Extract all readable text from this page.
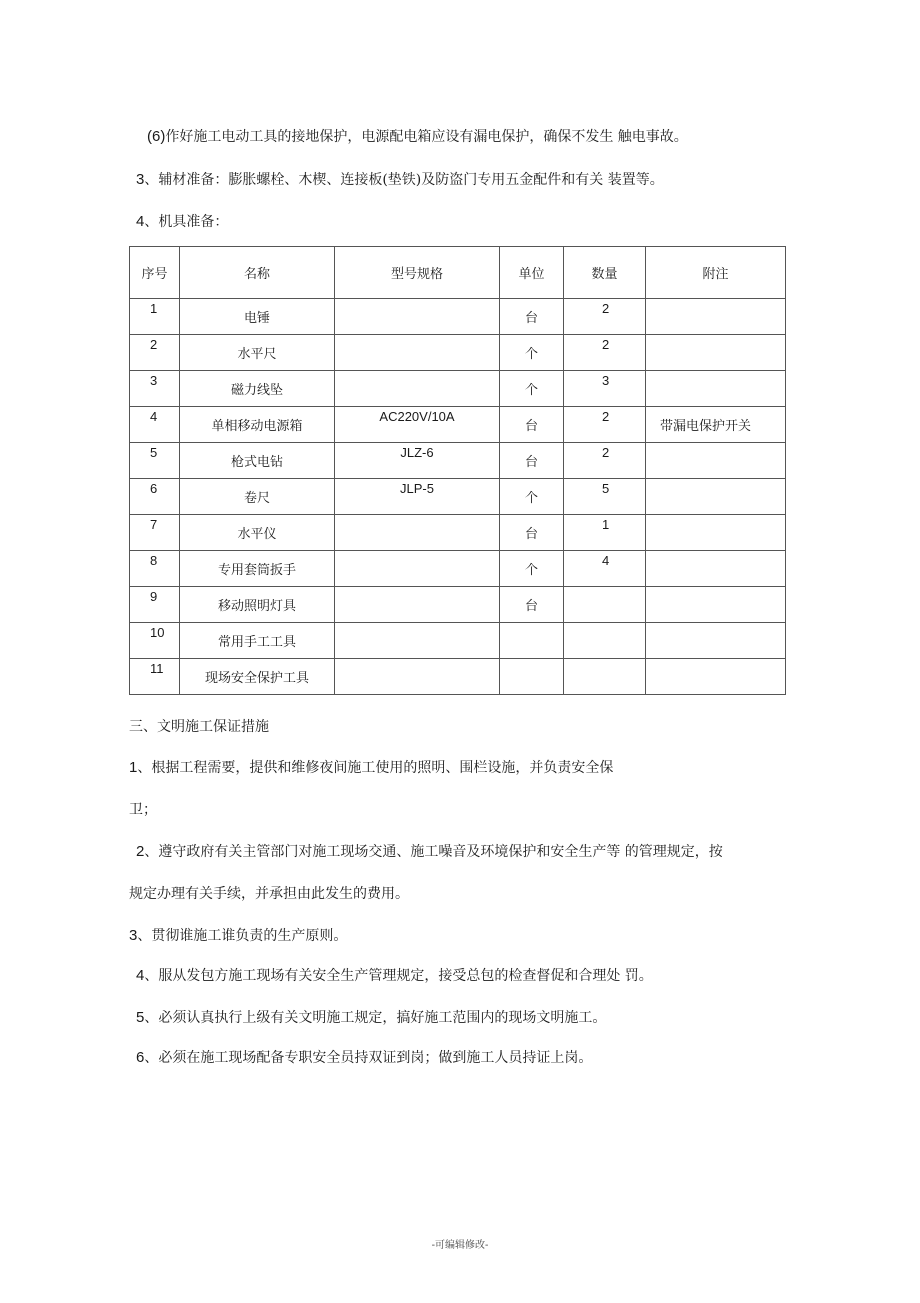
(6)作好施工电动工具的接地保护，电源配电箱应设有漏电保护，确保不发生 触电事故。
3、辅材准备：膨胀螺栓、木楔、连接板(垫铁)及防盗门专用五金配件和有关 装置等。
4、机具准备：
序号	名称	型号规格	单位	数量	附注

1	电锤		台	2	

2	水平尺		个	2	

3	磁力线坠		个	3	

4	单相移动电源箱	AC220V/10A	台	2	带漏电保护开关

5	枪式电钻	JLZ-6	台	2	

6	卷尺	JLP-5	个	5	

7	水平仪		台	1	

8	专用套筒扳手		个	4	

9	移动照明灯具		台		

10	常用手工工具				

11	现场安全保护工具				

三、文明施工保证措施
1、根据工程需要，提供和维修夜间施工使用的照明、围栏设施，并负责安全保
卫；
2、遵守政府有关主管部门对施工现场交通、施工噪音及环境保护和安全生产等 的管理规定，按
规定办理有关手续，并承担由此发生的费用。
3、贯彻谁施工谁负责的生产原则。
4、服从发包方施工现场有关安全生产管理规定，接受总包的检查督促和合理处 罚。
5、必须认真执行上级有关文明施工规定，搞好施工范围内的现场文明施工。
6、必须在施工现场配备专职安全员持双证到岗；做到施工人员持证上岗。
-可编辑修改-
